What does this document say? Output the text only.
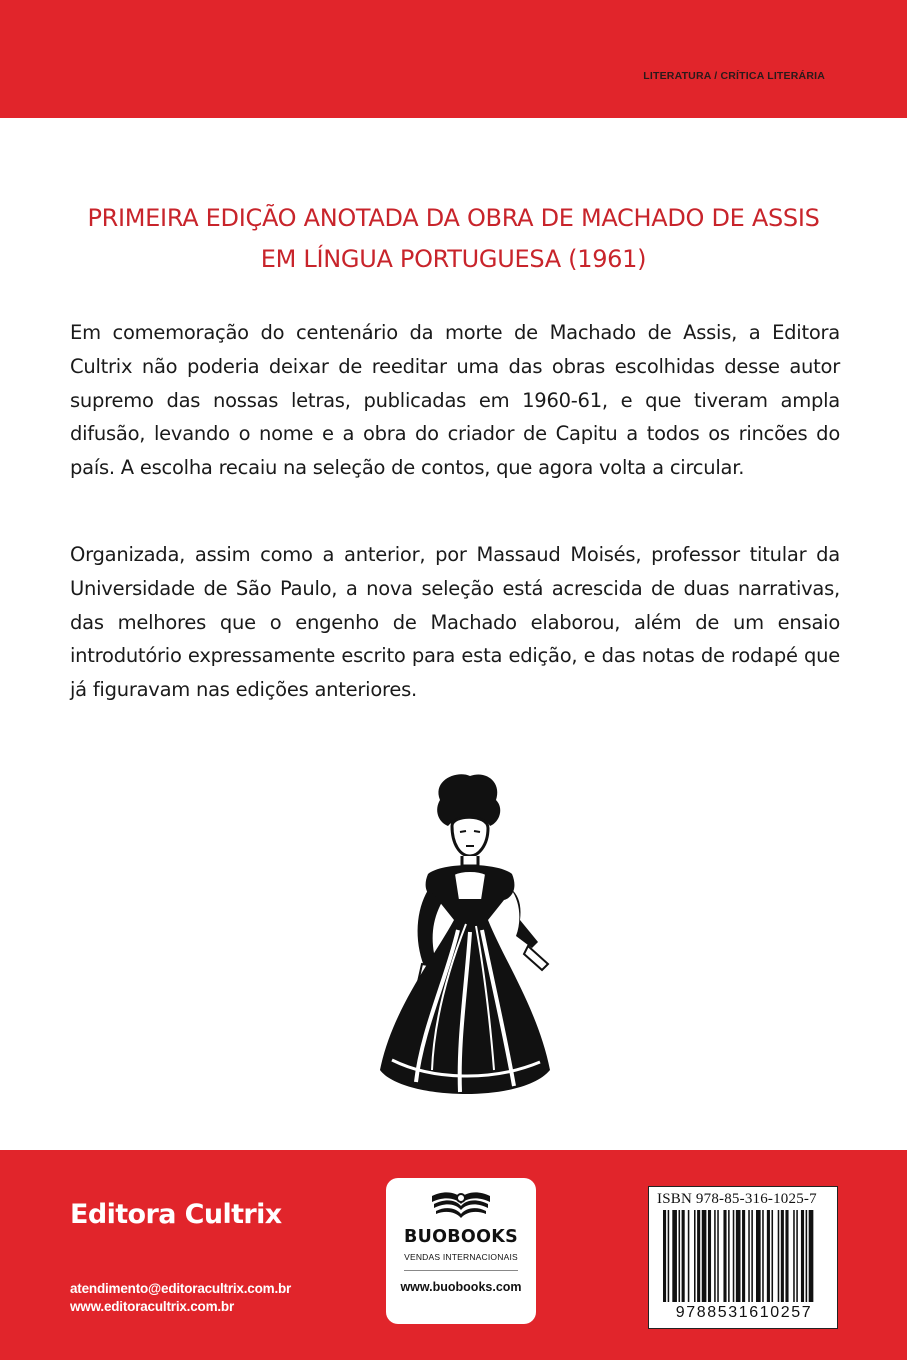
LITERATURA / CRÍTICA LITERÁRIA
PRIMEIRA EDIÇÃO ANOTADA DA OBRA DE MACHADO DE ASSIS
EM LÍNGUA PORTUGUESA (1961)

Em comemoração do centenário da morte de Machado de Assis, a Editora Cultrix não poderia deixar de reeditar uma das obras escolhidas desse autor supremo das nossas letras, publicadas em 1960-61, e que tiveram ampla difusão, levando o nome e a obra do criador de Capitu a todos os rincões do país. A escolha recaiu na seleção de contos, que agora volta a circular.

Organizada, assim como a anterior, por Massaud Moisés, professor titular da Universidade de São Paulo, a nova seleção está acrescida de duas narrativas, das melhores que o engenho de Machado elaborou, além de um ensaio introdutório expressamente escrito para esta edição, e das notas de rodapé que já figuravam nas edições anteriores.

Editora Cultrix
atendimento@editoracultrix.com.br
www.editoracultrix.com.br
BUOBOOKS
VENDAS INTERNACIONAIS
www.buobooks.com
ISBN 978-85-316-1025-7
9788531610257
